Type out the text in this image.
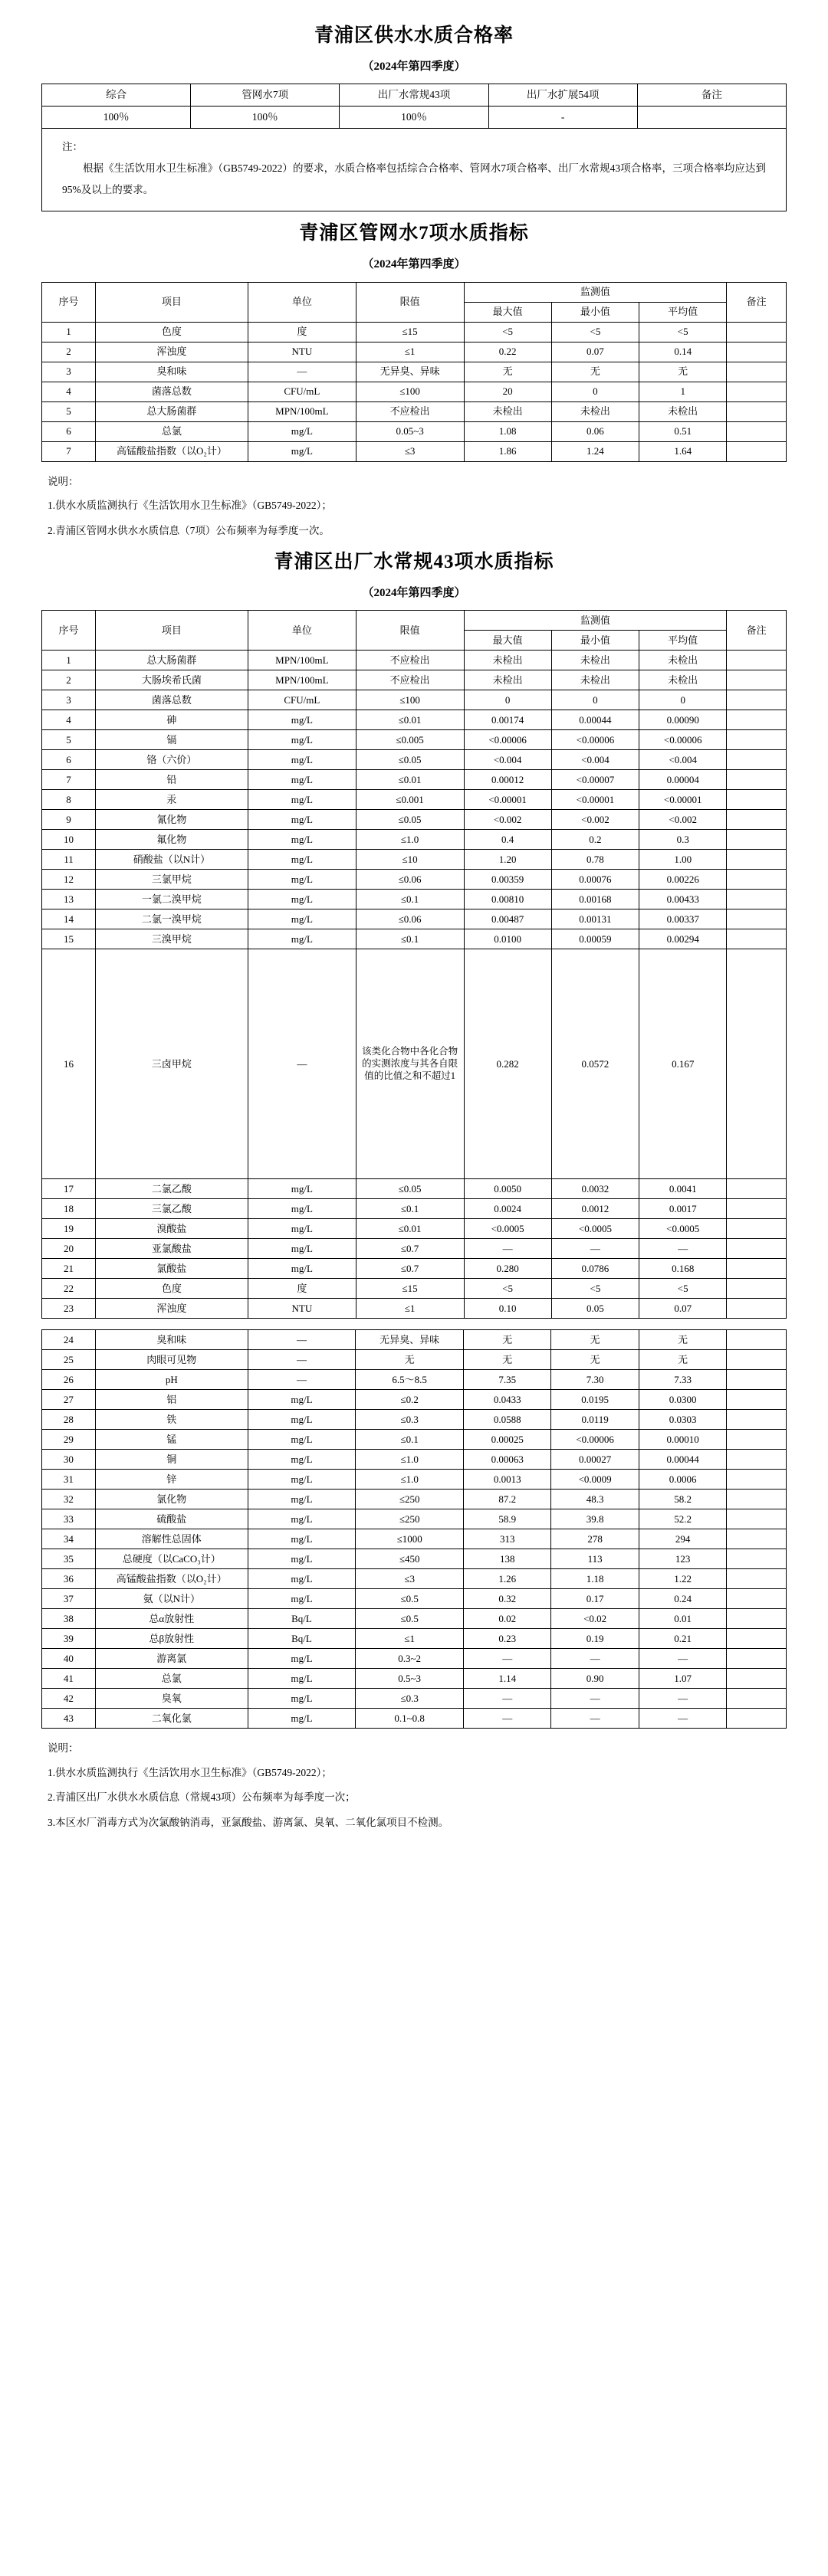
青浦区供水水质合格率
（2024年第四季度）
综合	管网水7项	出厂水常规43项	出厂水扩展54项	备注
100％	100％	100％	-	
注：
根据《生活饮用水卫生标准》（GB5749-2022）的要求，水质合格率包括综合合格率、管网水7项合格率、出厂水常规43项合格率，三项合格率均应达到95%及以上的要求。
青浦区管网水7项水质指标
（2024年第四季度）
序号	项目	单位	限值	监测值			备注
				最大值	最小值	平均值	
1	色度	度	≤15	<5	<5	<5	
2	浑浊度	NTU	≤1	0.22	0.07	0.14	
3	臭和味	—	无异臭、异味	无	无	无	
4	菌落总数	CFU/mL	≤100	20	0	1	
5	总大肠菌群	MPN/100mL	不应检出	未检出	未检出	未检出	
6	总氯	mg/L	0.05~3	1.08	0.06	0.51	
7	高锰酸盐指数（以O₂计）	mg/L	≤3	1.86	1.24	1.64	

说明：

1.供水水质监测执行《生活饮用水卫生标准》（GB5749-2022）；

2.青浦区管网水供水水质信息（7项）公布频率为每季度一次。

青浦区出厂水常规43项水质指标
（2024年第四季度）
序号	项目	单位	限值	监测值			备注
				最大值	最小值	平均值	
1	总大肠菌群	MPN/100mL	不应检出	未检出	未检出	未检出	
2	大肠埃希氏菌	MPN/100mL	不应检出	未检出	未检出	未检出	
3	菌落总数	CFU/mL	≤100	0	0	0	
4	砷	mg/L	≤0.01	0.00174	0.00044	0.00090	
5	镉	mg/L	≤0.005	<0.00006	<0.00006	<0.00006	
6	铬（六价）	mg/L	≤0.05	<0.004	<0.004	<0.004	
7	铅	mg/L	≤0.01	0.00012	<0.00007	0.00004	
8	汞	mg/L	≤0.001	<0.00001	<0.00001	<0.00001	
9	氰化物	mg/L	≤0.05	<0.002	<0.002	<0.002	
10	氟化物	mg/L	≤1.0	0.4	0.2	0.3	
11	硝酸盐（以N计）	mg/L	≤10	1.20	0.78	1.00	
12	三氯甲烷	mg/L	≤0.06	0.00359	0.00076	0.00226	
13	一氯二溴甲烷	mg/L	≤0.1	0.00810	0.00168	0.00433	
14	二氯一溴甲烷	mg/L	≤0.06	0.00487	0.00131	0.00337	
15	三溴甲烷	mg/L	≤0.1	0.0100	0.00059	0.00294	
16	三卤甲烷	—	该类化合物中各化合物的实测浓度与其各自限值的比值之和不超过1	0.282	0.0572	0.167	
17	二氯乙酸	mg/L	≤0.05	0.0050	0.0032	0.0041	
18	三氯乙酸	mg/L	≤0.1	0.0024	0.0012	0.0017	
19	溴酸盐	mg/L	≤0.01	<0.0005	<0.0005	<0.0005	
20	亚氯酸盐	mg/L	≤0.7	—	—	—	
21	氯酸盐	mg/L	≤0.7	0.280	0.0786	0.168	
22	色度	度	≤15	<5	<5	<5	
23	浑浊度	NTU	≤1	0.10	0.05	0.07	
24	臭和味	—	无异臭、异味	无	无	无	
25	肉眼可见物	—	无	无	无	无	
26	pH	—	6.5～8.5	7.35	7.30	7.33	
27	铝	mg/L	≤0.2	0.0433	0.0195	0.0300	
28	铁	mg/L	≤0.3	0.0588	0.0119	0.0303	
29	锰	mg/L	≤0.1	0.00025	<0.00006	0.00010	
30	铜	mg/L	≤1.0	0.00063	0.00027	0.00044	
31	锌	mg/L	≤1.0	0.0013	<0.0009	0.0006	
32	氯化物	mg/L	≤250	87.2	48.3	58.2	
33	硫酸盐	mg/L	≤250	58.9	39.8	52.2	
34	溶解性总固体	mg/L	≤1000	313	278	294	
35	总硬度（以CaCO₃计）	mg/L	≤450	138	113	123	
36	高锰酸盐指数（以O₂计）	mg/L	≤3	1.26	1.18	1.22	
37	氨（以N计）	mg/L	≤0.5	0.32	0.17	0.24	
38	总α放射性	Bq/L	≤0.5	0.02	<0.02	0.01	
39	总β放射性	Bq/L	≤1	0.23	0.19	0.21	
40	游离氯	mg/L	0.3~2	—	—	—	
41	总氯	mg/L	0.5~3	1.14	0.90	1.07	
42	臭氧	mg/L	≤0.3	—	—	—	
43	二氧化氯	mg/L	0.1~0.8	—	—	—	

说明：

1.供水水质监测执行《生活饮用水卫生标准》（GB5749-2022）；

2.青浦区出厂水供水水质信息（常规43项）公布频率为每季度一次；

3.本区水厂消毒方式为次氯酸钠消毒，亚氯酸盐、游离氯、臭氧、二氧化氯项目不检测。
